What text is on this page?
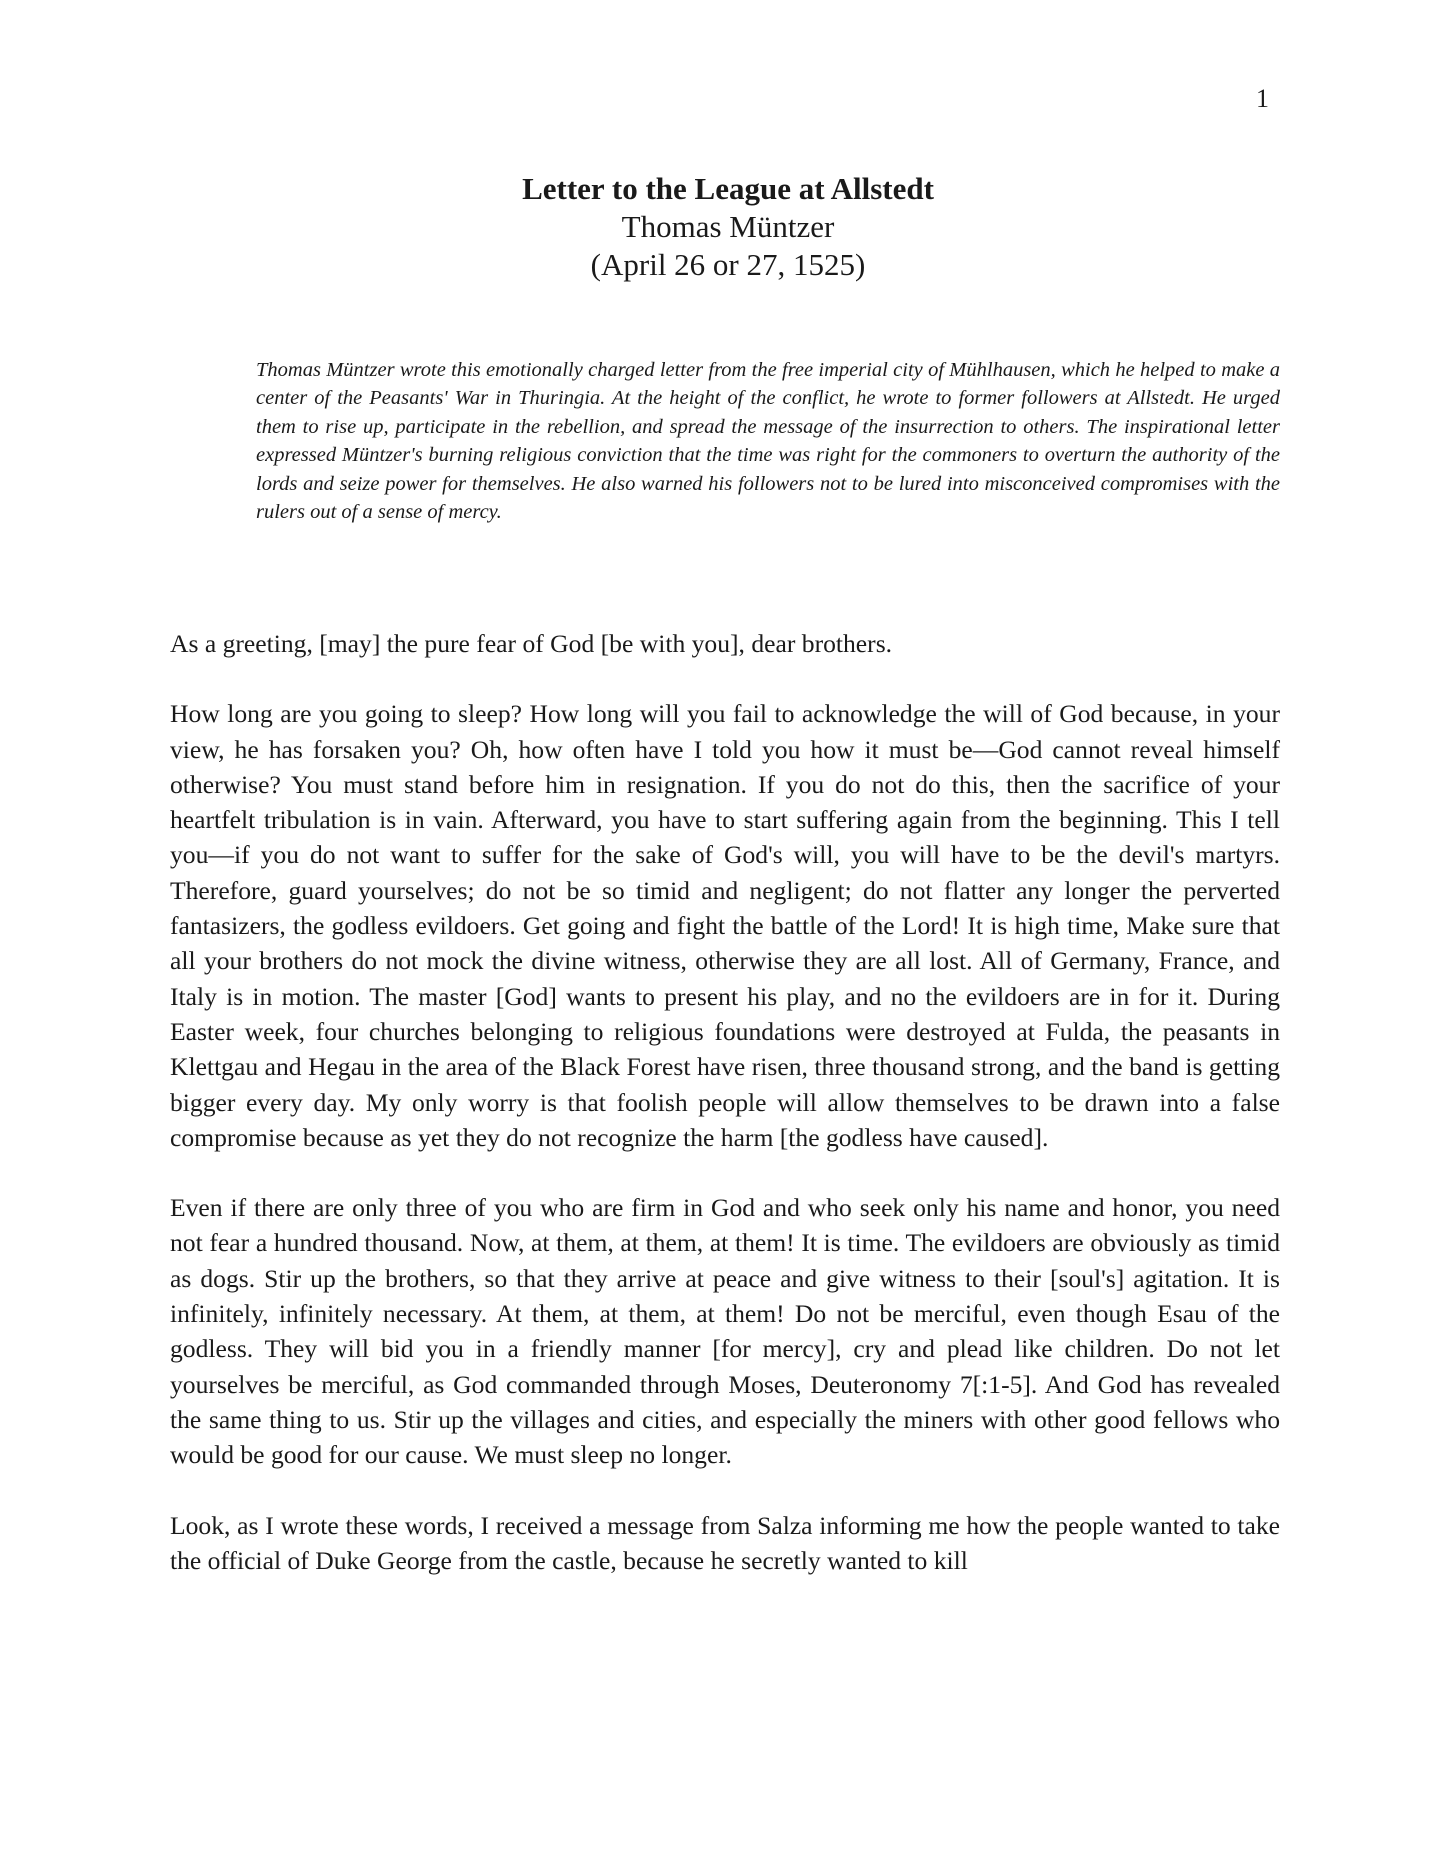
1
Letter to the League at Allstedt
Thomas Müntzer
(April 26 or 27, 1525)
Thomas Müntzer wrote this emotionally charged letter from the free imperial city of Mühlhausen, which he helped to make a center of the Peasants' War in Thuringia. At the height of the conflict, he wrote to former followers at Allstedt. He urged them to rise up, participate in the rebellion, and spread the message of the insurrection to others. The inspirational letter expressed Müntzer's burning religious conviction that the time was right for the commoners to overturn the authority of the lords and seize power for themselves. He also warned his followers not to be lured into misconceived compromises with the rulers out of a sense of mercy.

As a greeting, [may] the pure fear of God [be with you], dear brothers.

How long are you going to sleep? How long will you fail to acknowledge the will of God because, in your view, he has forsaken you? Oh, how often have I told you how it must be—God cannot reveal himself otherwise? You must stand before him in resignation. If you do not do this, then the sacrifice of your heartfelt tribulation is in vain. Afterward, you have to start suffering again from the beginning. This I tell you—if you do not want to suffer for the sake of God's will, you will have to be the devil's martyrs. Therefore, guard yourselves; do not be so timid and negligent; do not flatter any longer the perverted fantasizers, the godless evildoers. Get going and fight the battle of the Lord! It is high time, Make sure that all your brothers do not mock the divine witness, otherwise they are all lost. All of Germany, France, and Italy is in motion. The master [God] wants to present his play, and no the evildoers are in for it. During Easter week, four churches belonging to religious foundations were destroyed at Fulda, the peasants in Klettgau and Hegau in the area of the Black Forest have risen, three thousand strong, and the band is getting bigger every day. My only worry is that foolish people will allow themselves to be drawn into a false compromise because as yet they do not recognize the harm [the godless have caused].

Even if there are only three of you who are firm in God and who seek only his name and honor, you need not fear a hundred thousand. Now, at them, at them, at them! It is time. The evildoers are obviously as timid as dogs. Stir up the brothers, so that they arrive at peace and give witness to their [soul's] agitation. It is infinitely, infinitely necessary. At them, at them, at them! Do not be merciful, even though Esau of the godless. They will bid you in a friendly manner [for mercy], cry and plead like children. Do not let yourselves be merciful, as God commanded through Moses, Deuteronomy 7[:1-5]. And God has revealed the same thing to us. Stir up the villages and cities, and especially the miners with other good fellows who would be good for our cause. We must sleep no longer.

Look, as I wrote these words, I received a message from Salza informing me how the people wanted to take the official of Duke George from the castle, because he secretly wanted to kill
